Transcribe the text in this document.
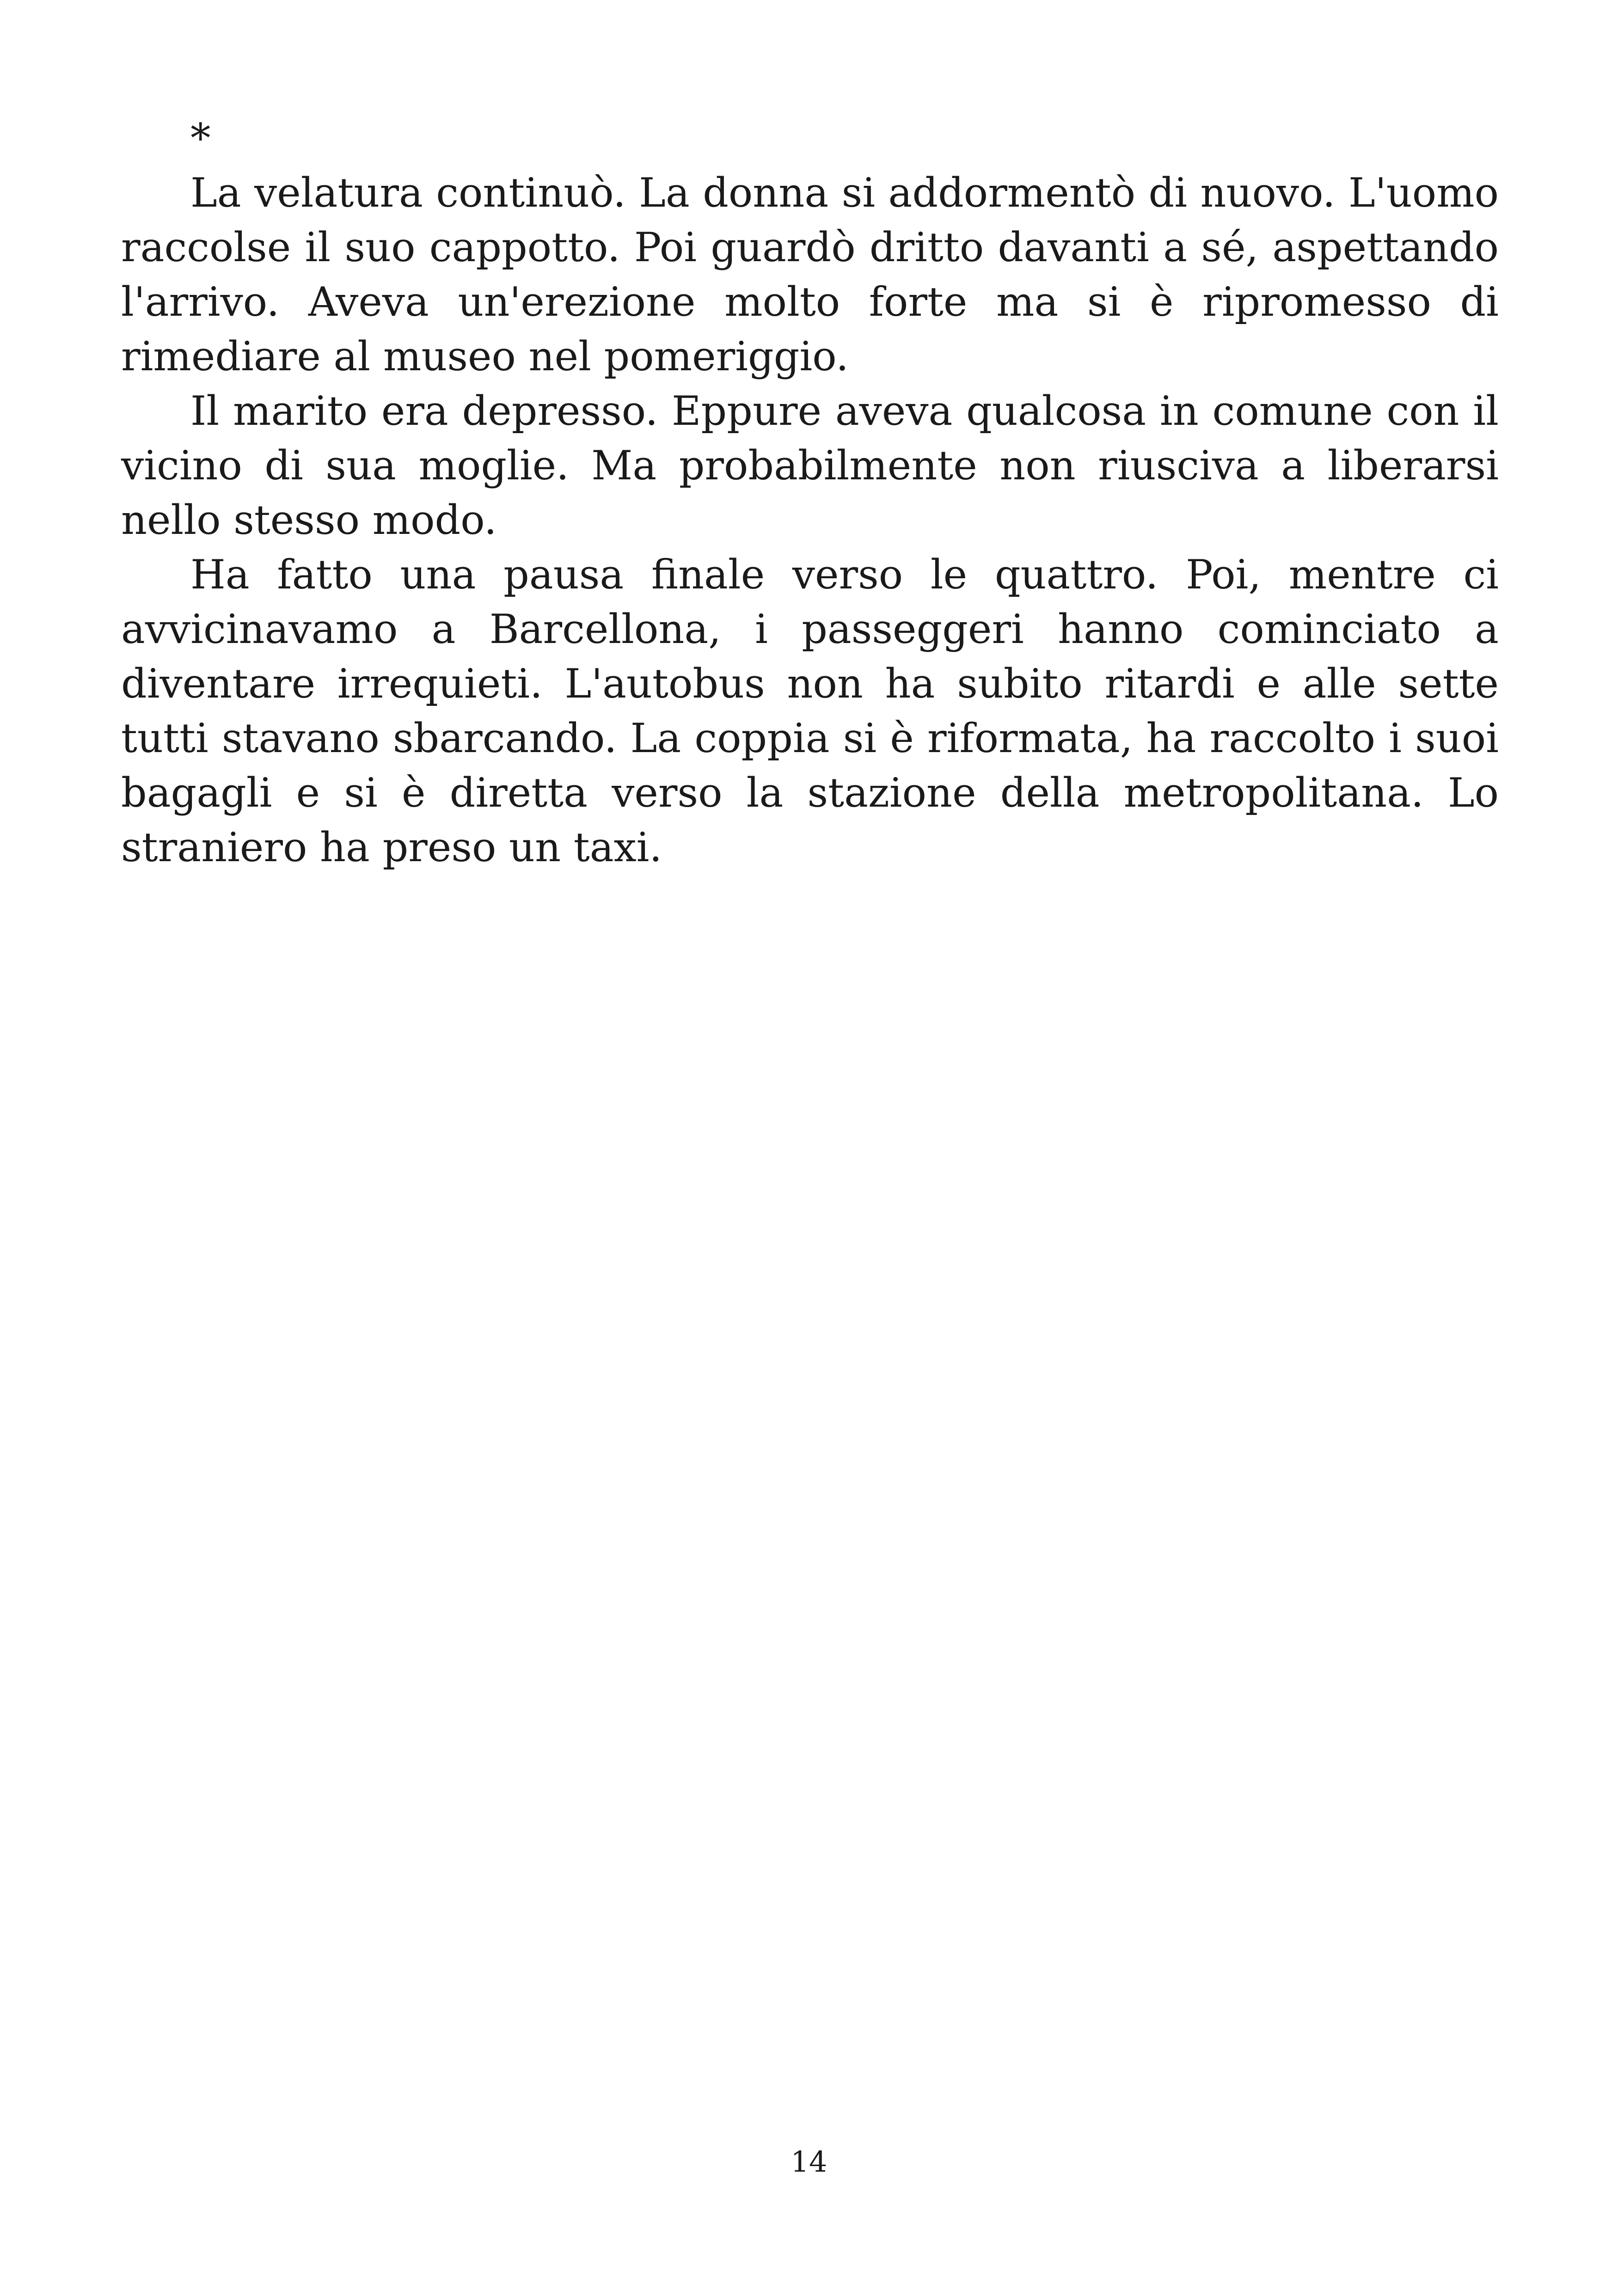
*

La velatura continuò. La donna si addormentò di nuovo. L'uomo raccolse il suo cappotto. Poi guardò dritto davanti a sé, aspettando l'arrivo. Aveva un'erezione molto forte ma si è ripromesso di rimediare al museo nel pomeriggio.

Il marito era depresso. Eppure aveva qualcosa in comune con il vicino di sua moglie. Ma probabilmente non riusciva a liberarsi nello stesso modo.

Ha fatto una pausa finale verso le quattro. Poi, mentre ci avvicinavamo a Barcellona, i passeggeri hanno cominciato a diventare irrequieti. L'autobus non ha subito ritardi e alle sette tutti stavano sbarcando. La coppia si è riformata, ha raccolto i suoi bagagli e si è diretta verso la stazione della metropolitana. Lo straniero ha preso un taxi.

14
